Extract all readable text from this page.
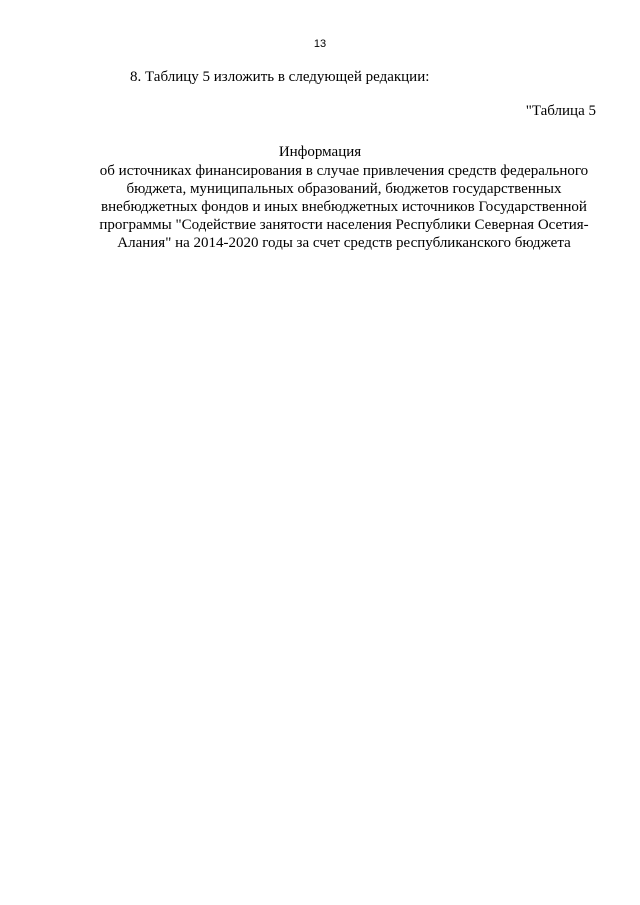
13
8. Таблицу 5 изложить в следующей редакции:
"Таблица 5
Информация
об источниках финансирования в случае привлечения средств федерального
бюджета, муниципальных образований, бюджетов государственных
внебюджетных фондов и иных внебюджетных источников Государственной
программы "Содействие занятости населения Республики Северная Осетия-
Алания" на 2014-2020 годы за счет средств республиканского бюджета
